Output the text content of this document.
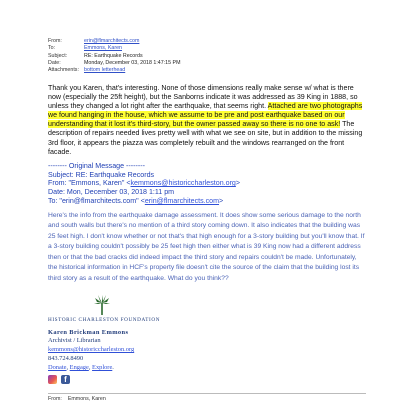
From:	erin@flmarchitects.com
To:	Emmons, Karen
Subject:	RE: Earthquake Records
Date:	Monday, December 03, 2018 1:47:15 PM
Attachments: bottom letterhead

Thank you Karen, that's interesting. None of those dimensions really make sense w/ what is there now (especially the 25ft height), but the Sanborns indicate it was addressed as 39 King in 1888, so unless they changed a lot right after the earthquake, that seems right. Attached are two photographs we found hanging in the house, which we assume to be pre and post earthquake based on our understanding that it lost it's third-story, but the owner passed away so there is no one to ask! The description of repairs needed lives pretty well with what we see on site, but in addition to the missing 3rd floor, it appears the piazza was completely rebuilt and the windows rearranged on the front facade.

-------- Original Message --------
Subject: RE: Earthquake Records
From: "Emmons, Karen" <kemmons@historiccharleston.org>
Date: Mon, December 03, 2018 1:11 pm
To: "erin@flmarchitects.com" <erin@flmarchitects.com>
Here's the info from the earthquake damage assessment. It does show some serious damage to the north and south walls but there's no mention of a third story coming down. It also indicates that the building was 25 feet high. I don't know whether or not that's that high enough for a 3-story building but you'll know that. If a 3-story building couldn't possibly be 25 feet high then either what is 39 King now had a different address then or that the bad cracks did indeed impact the third story and repairs couldn't be made. Unfortunately, the historical information in HCF's property file doesn't cite the source of the claim that the building lost its third story as a result of the earthquake. What do you think??
HISTORIC CHARLESTON FOUNDATION
Karen Brickman Emmons
Archivist / Librarian
kemmons@historiccharleston.org
843.724.8490
Donate, Engage, Explore.
f
From: Emmons, Karen
